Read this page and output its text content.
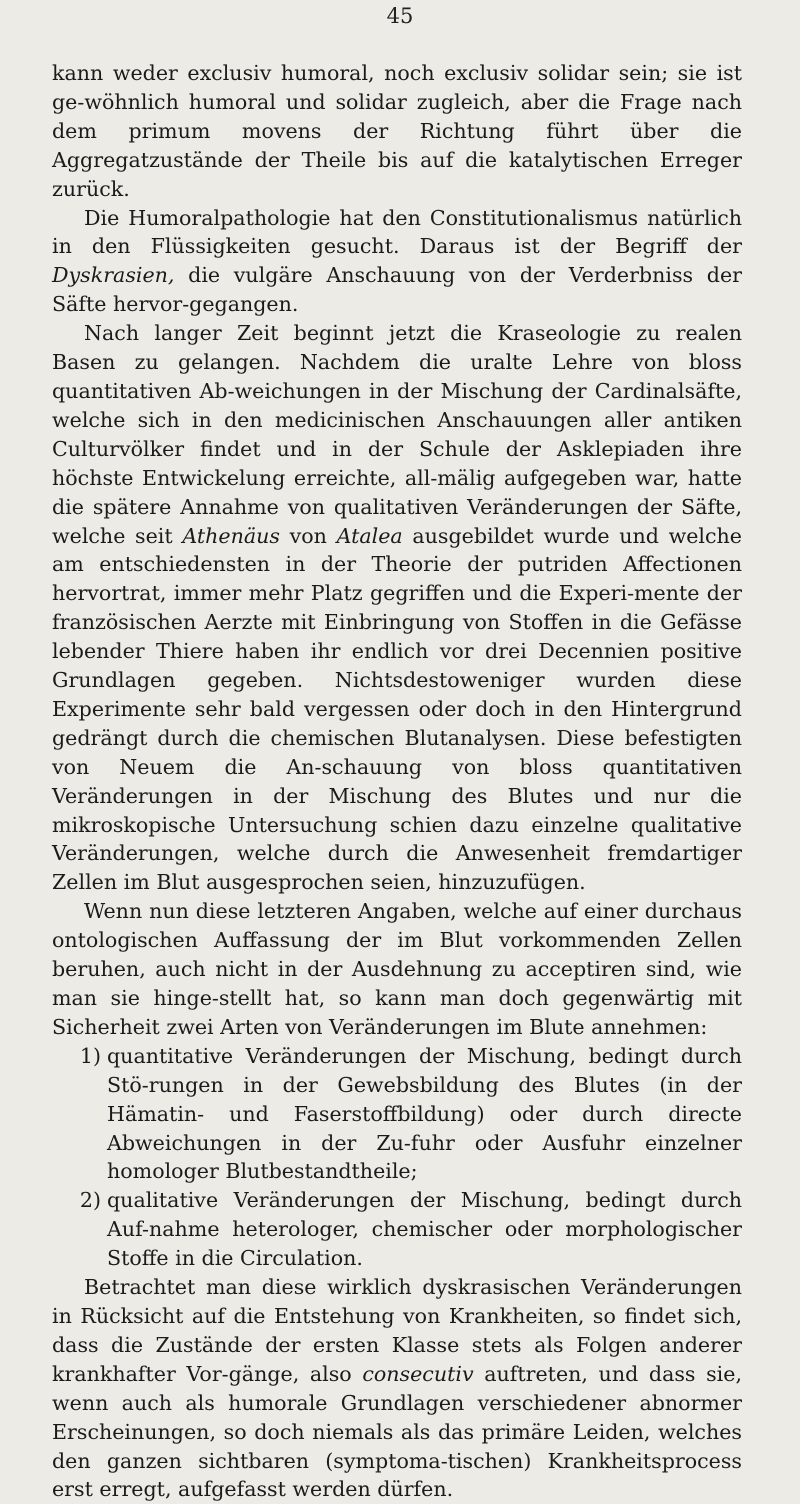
45

kann weder exclusiv humoral, noch exclusiv solidar sein; sie ist ge-wöhnlich humoral und solidar zugleich, aber die Frage nach dem primum movens der Richtung führt über die Aggregatzustände der Theile bis auf die katalytischen Erreger zurück.

Die Humoralpathologie hat den Constitutionalismus natürlich in den Flüssigkeiten gesucht. Daraus ist der Begriff der Dyskrasien, die vulgäre Anschauung von der Verderbniss der Säfte hervor-gegangen.

Nach langer Zeit beginnt jetzt die Kraseologie zu realen Basen zu gelangen. Nachdem die uralte Lehre von bloss quantitativen Ab-weichungen in der Mischung der Cardinalsäfte, welche sich in den medicinischen Anschauungen aller antiken Culturvölker findet und in der Schule der Asklepiaden ihre höchste Entwickelung erreichte, all-mälig aufgegeben war, hatte die spätere Annahme von qualitativen Veränderungen der Säfte, welche seit Athenäus von Atalea ausgebildet wurde und welche am entschiedensten in der Theorie der putriden Affectionen hervortrat, immer mehr Platz gegriffen und die Experi-mente der französischen Aerzte mit Einbringung von Stoffen in die Gefässe lebender Thiere haben ihr endlich vor drei Decennien positive Grundlagen gegeben. Nichtsdestoweniger wurden diese Experimente sehr bald vergessen oder doch in den Hintergrund gedrängt durch die chemischen Blutanalysen. Diese befestigten von Neuem die An-schauung von bloss quantitativen Veränderungen in der Mischung des Blutes und nur die mikroskopische Untersuchung schien dazu einzelne qualitative Veränderungen, welche durch die Anwesenheit fremdartiger Zellen im Blut ausgesprochen seien, hinzuzufügen.

Wenn nun diese letzteren Angaben, welche auf einer durchaus ontologischen Auffassung der im Blut vorkommenden Zellen beruhen, auch nicht in der Ausdehnung zu acceptiren sind, wie man sie hinge-stellt hat, so kann man doch gegenwärtig mit Sicherheit zwei Arten von Veränderungen im Blute annehmen:

1) quantitative Veränderungen der Mischung, bedingt durch Stö-rungen in der Gewebsbildung des Blutes (in der Hämatin- und Faserstoffbildung) oder durch directe Abweichungen in der Zu-fuhr oder Ausfuhr einzelner homologer Blutbestandtheile;
2) qualitative Veränderungen der Mischung, bedingt durch Auf-nahme heterologer, chemischer oder morphologischer Stoffe in die Circulation.

Betrachtet man diese wirklich dyskrasischen Veränderungen in Rücksicht auf die Entstehung von Krankheiten, so findet sich, dass die Zustände der ersten Klasse stets als Folgen anderer krankhafter Vor-gänge, also consecutiv auftreten, und dass sie, wenn auch als humorale Grundlagen verschiedener abnormer Erscheinungen, so doch niemals als das primäre Leiden, welches den ganzen sichtbaren (symptoma-tischen) Krankheitsprocess erst erregt, aufgefasst werden dürfen.
